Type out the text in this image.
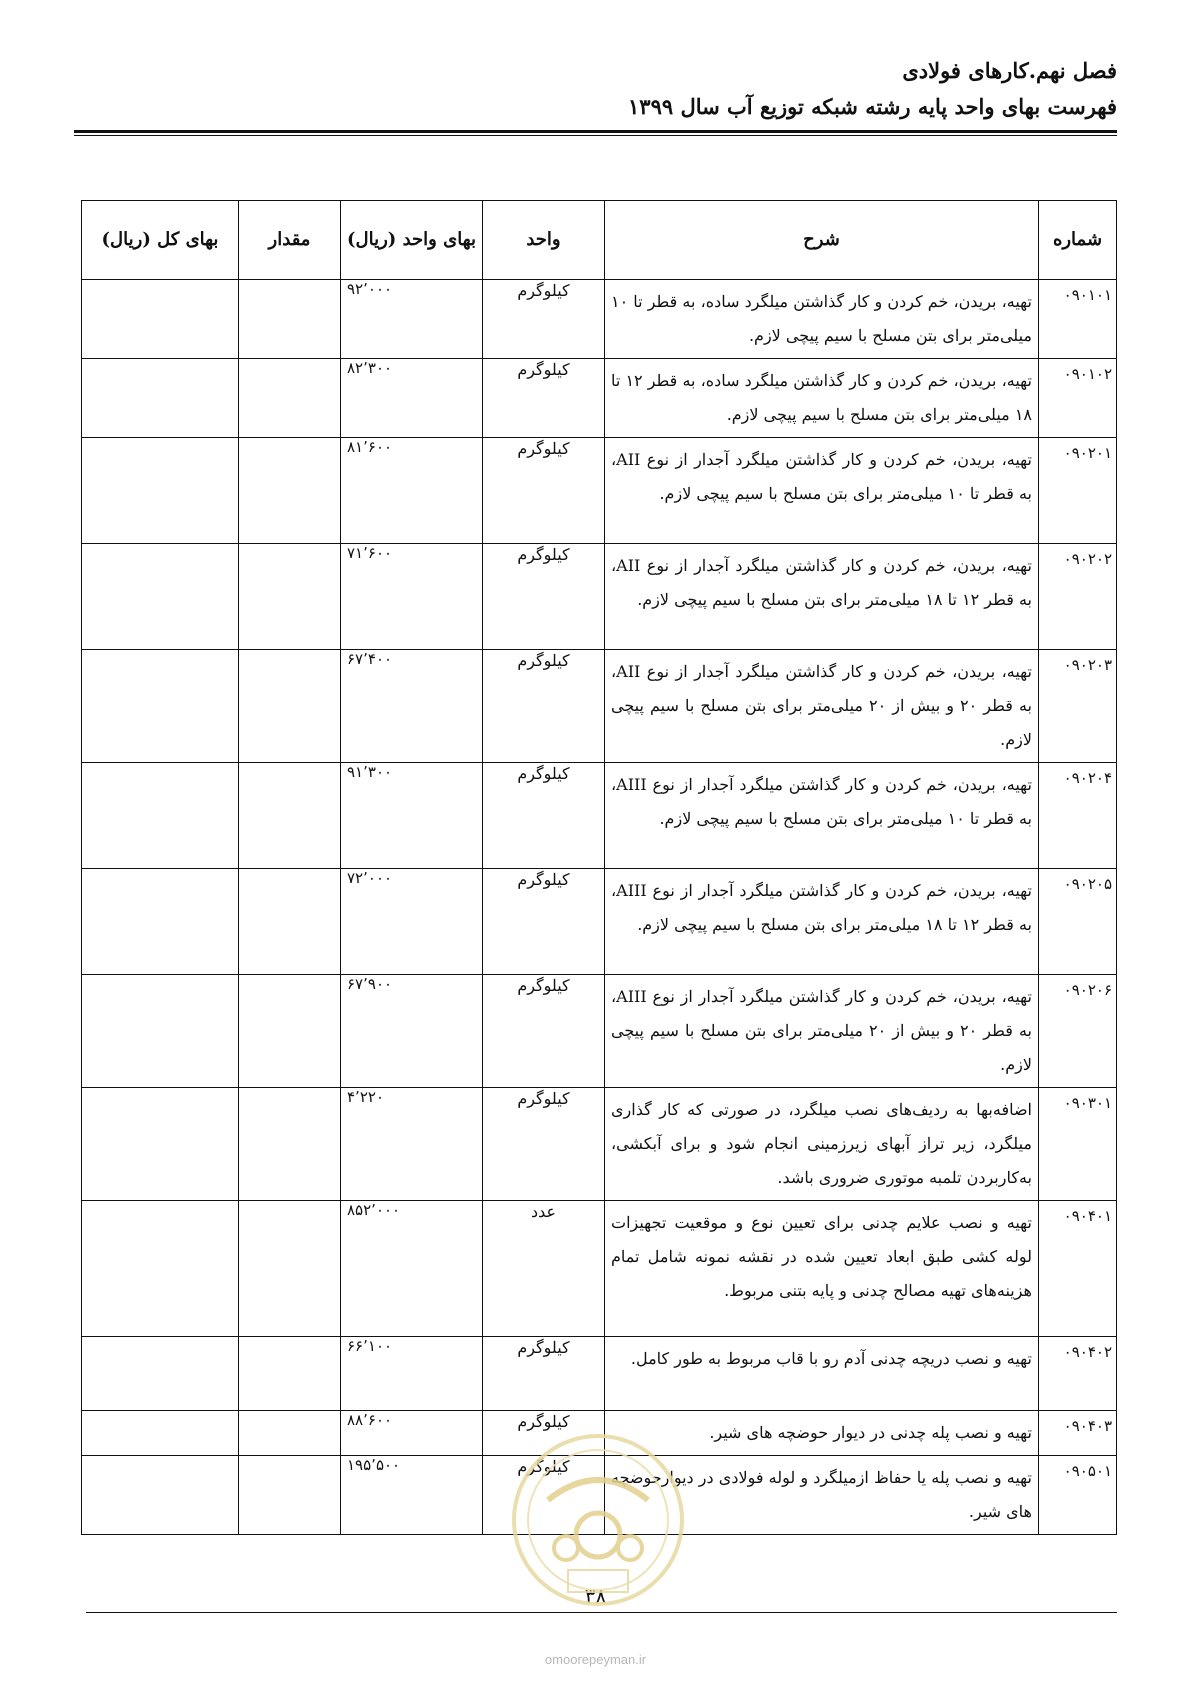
فصل نهم.کارهای فولادی
فهرست بهای واحد پایه رشته شبکه توزیع آب سال ۱۳۹۹
شماره	شرح	واحد	بهای واحد (ریال)	مقدار	بهای کل (ریال)
۰۹۰۱۰۱	تهیه، بریدن، خم کردن و کار گذاشتن میلگرد ساده، به قطر تا ۱۰ میلی‌متر برای بتن مسلح با سیم پیچی لازم.	کیلوگرم	۹۲٬۰۰۰		
۰۹۰۱۰۲	تهیه، بریدن، خم کردن و کار گذاشتن میلگرد ساده، به قطر ۱۲ تا ۱۸ میلی‌متر برای بتن مسلح با سیم پیچی لازم.	کیلوگرم	۸۲٬۳۰۰		
۰۹۰۲۰۱	تهیه، بریدن، خم کردن و کار گذاشتن میلگرد آجدار از نوع AII، به قطر تا ۱۰ میلی‌متر برای بتن مسلح با سیم پیچی لازم.	کیلوگرم	۸۱٬۶۰۰		
۰۹۰۲۰۲	تهیه، بریدن، خم کردن و کار گذاشتن میلگرد آجدار از نوع AII، به قطر ۱۲ تا ۱۸ میلی‌متر برای بتن مسلح با سیم پیچی لازم.	کیلوگرم	۷۱٬۶۰۰		
۰۹۰۲۰۳	تهیه، بریدن، خم کردن و کار گذاشتن میلگرد آجدار از نوع AII، به قطر ۲۰ و بیش از ۲۰ میلی‌متر برای بتن مسلح با سیم پیچی لازم.	کیلوگرم	۶۷٬۴۰۰		
۰۹۰۲۰۴	تهیه، بریدن، خم کردن و کار گذاشتن میلگرد آجدار از نوع AIII، به قطر تا ۱۰ میلی‌متر برای بتن مسلح با سیم پیچی لازم.	کیلوگرم	۹۱٬۳۰۰		
۰۹۰۲۰۵	تهیه، بریدن، خم کردن و کار گذاشتن میلگرد آجدار از نوع AIII، به قطر ۱۲ تا ۱۸ میلی‌متر برای بتن مسلح با سیم پیچی لازم.	کیلوگرم	۷۲٬۰۰۰		
۰۹۰۲۰۶	تهیه، بریدن، خم کردن و کار گذاشتن میلگرد آجدار از نوع AIII، به قطر ۲۰ و بیش از ۲۰ میلی‌متر برای بتن مسلح با سیم پیچی لازم.	کیلوگرم	۶۷٬۹۰۰		
۰۹۰۳۰۱	اضافه‌بها به ردیف‌های نصب میلگرد، در صورتی که کار گذاری میلگرد، زیر تراز آبهای زیرزمینی انجام شود و برای آبکشی، به‌کاربردن تلمبه موتوری ضروری باشد.	کیلوگرم	۴٬۲۲۰		
۰۹۰۴۰۱	تهیه و نصب علایم چدنی برای تعیین نوع و موقعیت تجهیزات لوله کشی طبق ابعاد تعیین شده در نقشه نمونه شامل تمام هزینه‌های تهیه مصالح چدنی و پایه بتنی مربوط.	عدد	۸۵۲٬۰۰۰		
۰۹۰۴۰۲	تهیه و نصب دریچه چدنی آدم رو با قاب مربوط به طور کامل.	کیلوگرم	۶۶٬۱۰۰		
۰۹۰۴۰۳	تهیه و نصب پله چدنی در دیوار حوضچه های شیر.	کیلوگرم	۸۸٬۶۰۰		
۰۹۰۵۰۱	تهیه و نصب پله یا حفاظ ازمیلگرد و لوله فولادی در دیوارحوضچه های شیر.	کیلوگرم	۱۹۵٬۵۰۰		
۳۸
omoorepeyman.ir
